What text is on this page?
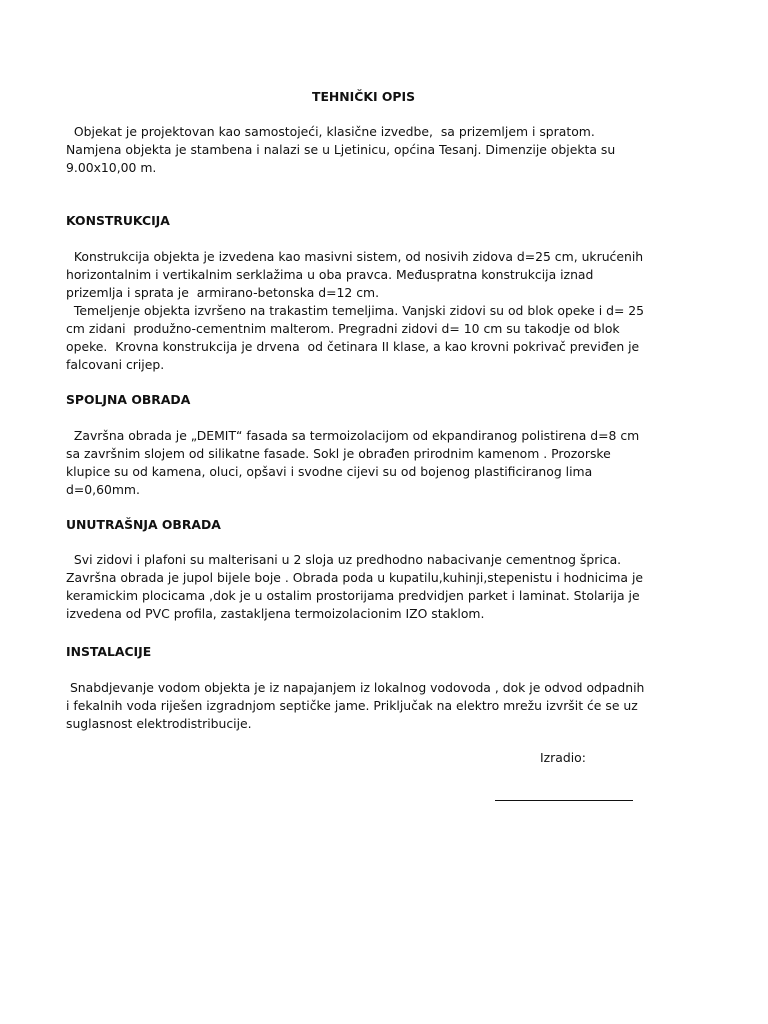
TEHNIČKI OPIS
Objekat je projektovan kao samostojeći, klasične izvedbe,  sa prizemljem i spratom.
Namjena objekta je stambena i nalazi se u Ljetinicu, općina Tesanj. Dimenzije objekta su
9.00x10,00 m.
KONSTRUKCIJA
Konstrukcija objekta je izvedena kao masivni sistem, od nosivih zidova d=25 cm, ukrućenih
horizontalnim i vertikalnim serklažima u oba pravca. Međuspratna konstrukcija iznad
prizemlja i sprata je  armirano-betonska d=12 cm.
Temeljenje objekta izvršeno na trakastim temeljima. Vanjski zidovi su od blok opeke i d= 25
cm zidani  produžno-cementnim malterom. Pregradni zidovi d= 10 cm su takodje od blok
opeke.  Krovna konstrukcija je drvena  od četinara II klase, a kao krovni pokrivač previđen je
falcovani crijep.
SPOLJNA OBRADA
Završna obrada je „DEMIT“ fasada sa termoizolacijom od ekpandiranog polistirena d=8 cm
sa završnim slojem od silikatne fasade. Sokl je obrađen prirodnim kamenom . Prozorske
klupice su od kamena, oluci, opšavi i svodne cijevi su od bojenog plastificiranog lima
d=0,60mm.
UNUTRAŠNJA OBRADA
Svi zidovi i plafoni su malterisani u 2 sloja uz predhodno nabacivanje cementnog šprica.
Završna obrada je jupol bijele boje . Obrada poda u kupatilu,kuhinji,stepenistu i hodnicima je
keramickim plocicama ,dok je u ostalim prostorijama predvidjen parket i laminat. Stolarija je
izvedena od PVC profila, zastakljena termoizolacionim IZO staklom.
INSTALACIJE
Snabdjevanje vodom objekta je iz napajanjem iz lokalnog vodovoda , dok je odvod odpadnih
i fekalnih voda riješen izgradnjom septičke jame. Priključak na elektro mrežu izvršit će se uz
suglasnost elektrodistribucije.
Izradio:
